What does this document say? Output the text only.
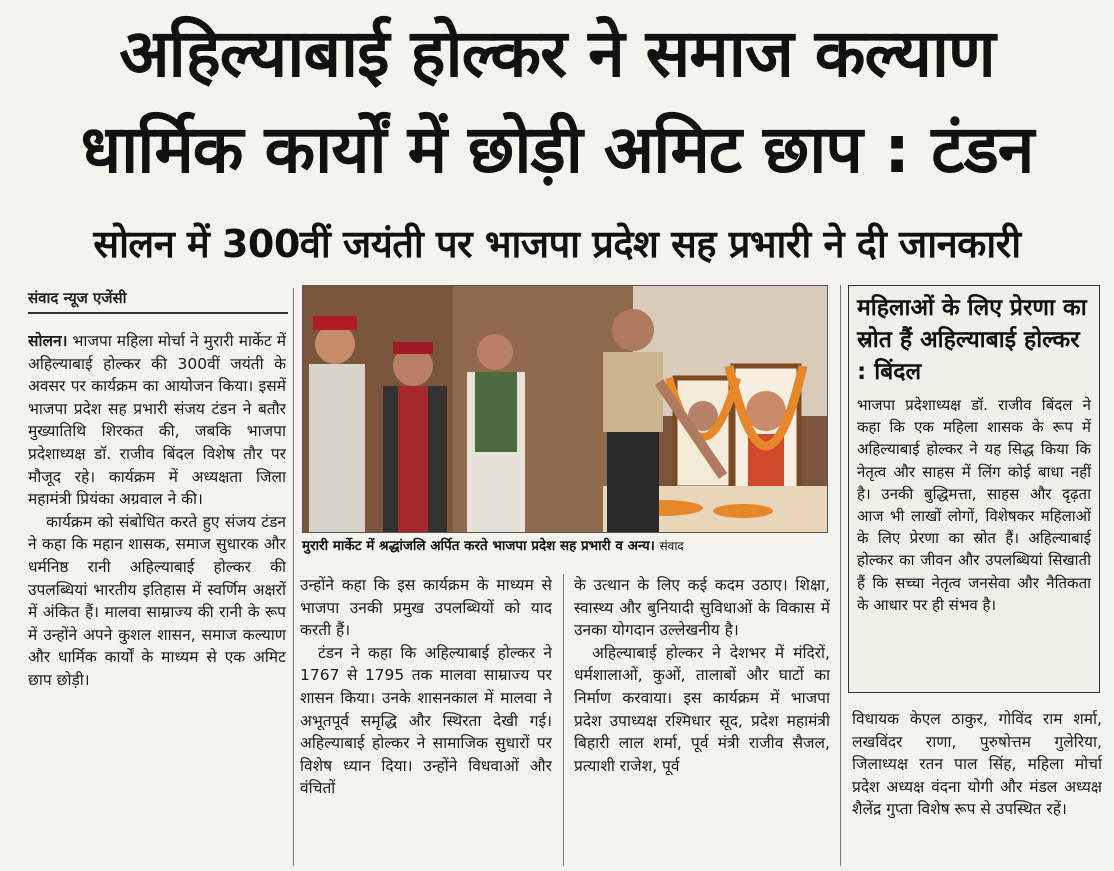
अहिल्याबाई होल्कर ने समाज कल्याण
धार्मिक कार्यों में छोड़ी अमिट छाप : टंडन
सोलन में 300वीं जयंती पर भाजपा प्रदेश सह प्रभारी ने दी जानकारी
संवाद न्यूज एजेंसी

सोलन। भाजपा महिला मोर्चा ने मुरारी मार्केट में अहिल्याबाई होल्कर की 300वीं जयंती के अवसर पर कार्यक्रम का आयोजन किया। इसमें भाजपा प्रदेश सह प्रभारी संजय टंडन ने बतौर मुख्यातिथि शिरकत की, जबकि भाजपा प्रदेशाध्यक्ष डॉ. राजीव बिंदल विशेष तौर पर मौजूद रहे। कार्यक्रम में अध्यक्षता जिला महामंत्री प्रियंका अग्रवाल ने की।

कार्यक्रम को संबोधित करते हुए संजय टंडन ने कहा कि महान शासक, समाज सुधारक और धर्मनिष्ठ रानी अहिल्याबाई होल्कर की उपलब्धियां भारतीय इतिहास में स्वर्णिम अक्षरों में अंकित हैं। मालवा साम्राज्य की रानी के रूप में उन्होंने अपने कुशल शासन, समाज कल्याण और धार्मिक कार्यों के माध्यम से एक अमिट छाप छोड़ी।

मुरारी मार्केट में श्रद्धांजलि अर्पित करते भाजपा प्रदेश सह प्रभारी व अन्य। संवाद

उन्होंने कहा कि इस कार्यक्रम के माध्यम से भाजपा उनकी प्रमुख उपलब्धियों को याद करती हैं।

टंडन ने कहा कि अहिल्याबाई होल्कर ने 1767 से 1795 तक मालवा साम्राज्य पर शासन किया। उनके शासनकाल में मालवा ने अभूतपूर्व समृद्धि और स्थिरता देखी गई। अहिल्याबाई होल्कर ने सामाजिक सुधारों पर विशेष ध्यान दिया। उन्होंने विधवाओं और वंचितों

के उत्थान के लिए कई कदम उठाए। शिक्षा, स्वास्थ्य और बुनियादी सुविधाओं के विकास में उनका योगदान उल्लेखनीय है।

अहिल्याबाई होल्कर ने देशभर में मंदिरों, धर्मशालाओं, कुओं, तालाबों और घाटों का निर्माण करवाया। इस कार्यक्रम में भाजपा प्रदेश उपाध्यक्ष रश्मिधार सूद, प्रदेश महामंत्री बिहारी लाल शर्मा, पूर्व मंत्री राजीव सैजल, प्रत्याशी राजेश, पूर्व

महिलाओं के लिए प्रेरणा का स्रोत हैं अहिल्याबाई होल्कर : बिंदल
भाजपा प्रदेशाध्यक्ष डॉ. राजीव बिंदल ने कहा कि एक महिला शासक के रूप में अहिल्याबाई होल्कर ने यह सिद्ध किया कि नेतृत्व और साहस में लिंग कोई बाधा नहीं है। उनकी बुद्धिमत्ता, साहस और दृढ़ता आज भी लाखों लोगों, विशेषकर महिलाओं के लिए प्रेरणा का स्रोत हैं। अहिल्याबाई होल्कर का जीवन और उपलब्धियां सिखाती हैं कि सच्चा नेतृत्व जनसेवा और नैतिकता के आधार पर ही संभव है।

विधायक केएल ठाकुर, गोविंद राम शर्मा, लखविंदर राणा, पुरुषोत्तम गुलेरिया, जिलाध्यक्ष रतन पाल सिंह, महिला मोर्चा प्रदेश अध्यक्ष वंदना योगी और मंडल अध्यक्ष शैलेंद्र गुप्ता विशेष रूप से उपस्थित रहें।
